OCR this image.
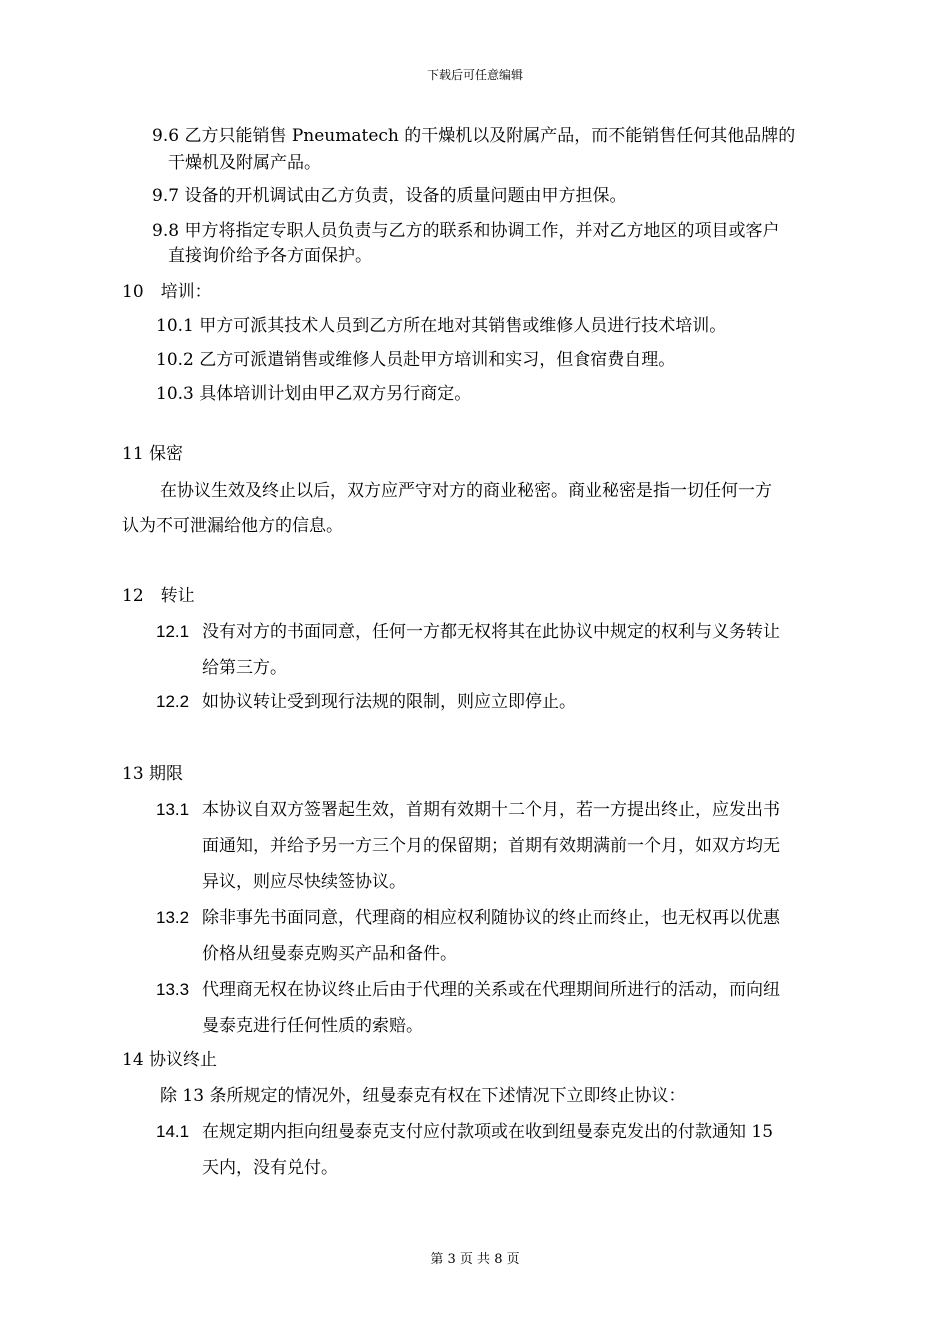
下载后可任意编辑
9.6 乙方只能销售 Pneumatech 的干燥机以及附属产品，而不能销售任何其他品牌的
干燥机及附属产品。
9.7 设备的开机调试由乙方负责，设备的质量问题由甲方担保。
9.8 甲方将指定专职人员负责与乙方的联系和协调工作，并对乙方地区的项目或客户
直接询价给予各方面保护。
10　培训：
10.1 甲方可派其技术人员到乙方所在地对其销售或维修人员进行技术培训。
10.2 乙方可派遣销售或维修人员赴甲方培训和实习，但食宿费自理。
10.3 具体培训计划由甲乙双方另行商定。
11 保密
在协议生效及终止以后，双方应严守对方的商业秘密。商业秘密是指一切任何一方
认为不可泄漏给他方的信息。
12　转让
12.1 没有对方的书面同意，任何一方都无权将其在此协议中规定的权利与义务转让
给第三方。
12.2 如协议转让受到现行法规的限制，则应立即停止。
13 期限
13.1 本协议自双方签署起生效，首期有效期十二个月，若一方提出终止，应发出书
面通知，并给予另一方三个月的保留期；首期有效期满前一个月，如双方均无
异议，则应尽快续签协议。
13.2 除非事先书面同意，代理商的相应权利随协议的终止而终止，也无权再以优惠
价格从纽曼泰克购买产品和备件。
13.3 代理商无权在协议终止后由于代理的关系或在代理期间所进行的活动，而向纽
曼泰克进行任何性质的索赔。
14 协议终止
除 13 条所规定的情况外，纽曼泰克有权在下述情况下立即终止协议：
14.1 在规定期内拒向纽曼泰克支付应付款项或在收到纽曼泰克发出的付款通知 15
天内，没有兑付。
第 3 页 共 8 页
